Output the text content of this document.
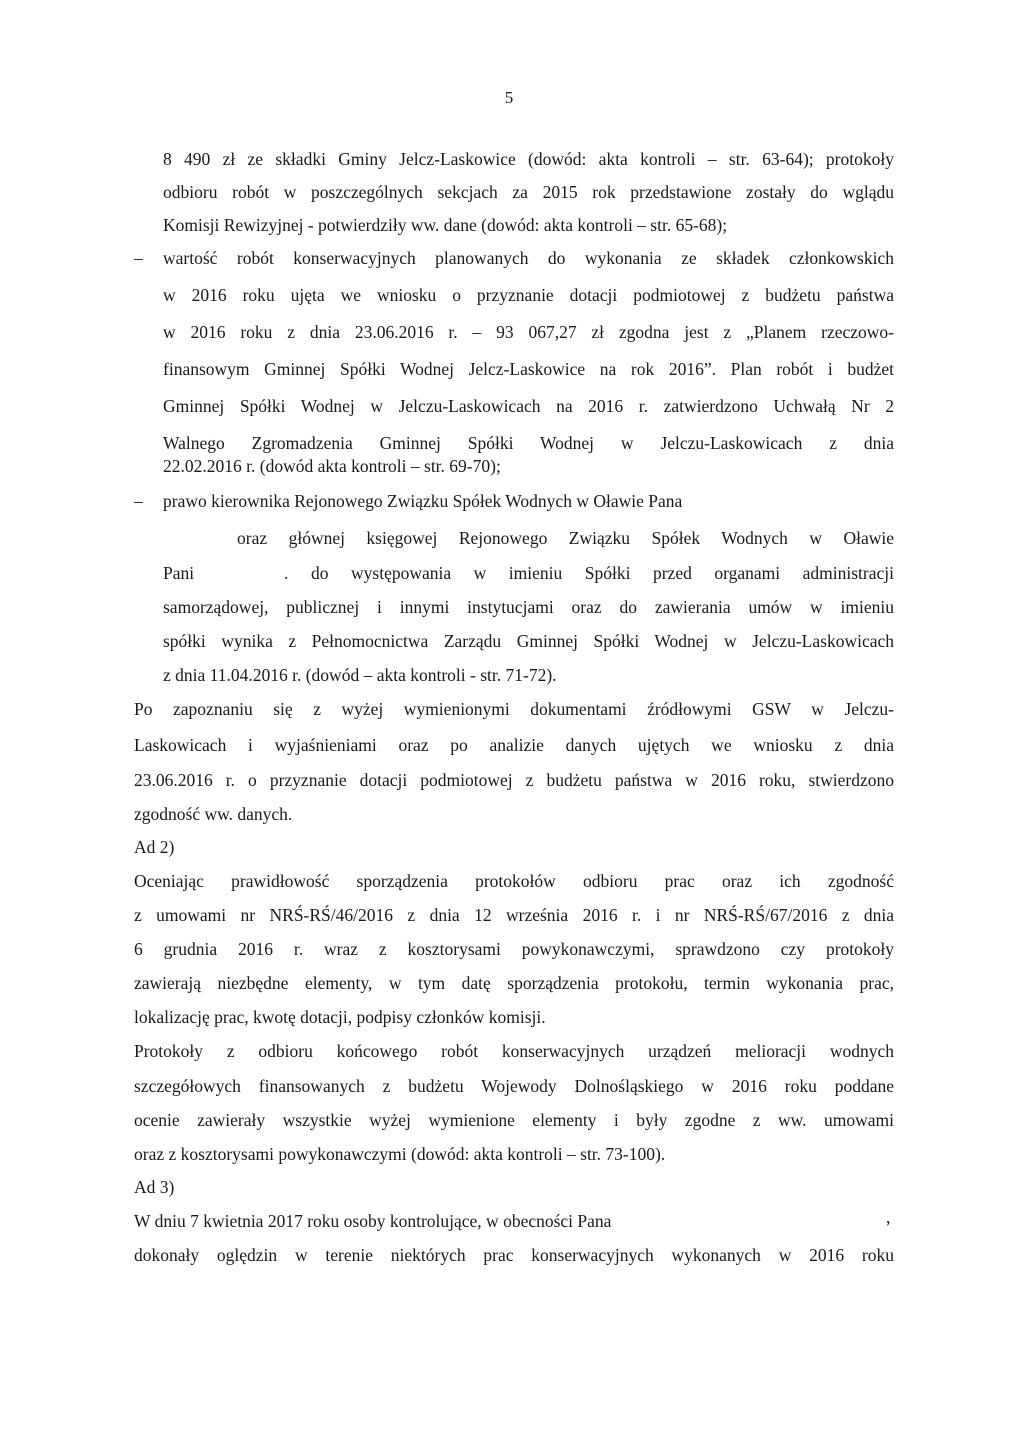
5
8 490 zł ze składki Gminy Jelcz-Laskowice (dowód: akta kontroli – str. 63-64); protokoły
odbioru robót w poszczególnych sekcjach za 2015 rok przedstawione zostały do wglądu
Komisji Rewizyjnej - potwierdziły ww. dane (dowód: akta kontroli – str. 65-68);
– wartość robót konserwacyjnych planowanych do wykonania ze składek członkowskich
w 2016 roku ujęta we wniosku o przyznanie dotacji podmiotowej z budżetu państwa
w 2016 roku z dnia 23.06.2016 r. – 93 067,27 zł zgodna jest z „Planem rzeczowo-
finansowym Gminnej Spółki Wodnej Jelcz-Laskowice na rok 2016”. Plan robót i budżet
Gminnej Spółki Wodnej w Jelczu-Laskowicach na 2016 r. zatwierdzono Uchwałą Nr 2
Walnego Zgromadzenia Gminnej Spółki Wodnej w Jelczu-Laskowicach z dnia
22.02.2016 r. (dowód akta kontroli – str. 69-70);
– prawo kierownika Rejonowego Związku Spółek Wodnych w Oławie Pana
oraz głównej księgowej Rejonowego Związku Spółek Wodnych w Oławie
Pani	. do występowania w imieniu Spółki przed organami administracji
samorządowej, publicznej i innymi instytucjami oraz do zawierania umów w imieniu
spółki wynika z Pełnomocnictwa Zarządu Gminnej Spółki Wodnej w Jelczu-Laskowicach
z dnia 11.04.2016 r. (dowód – akta kontroli - str. 71-72).
Po zapoznaniu się z wyżej wymienionymi dokumentami źródłowymi GSW w Jelczu-
Laskowicach i wyjaśnieniami oraz po analizie danych ujętych we wniosku z dnia
23.06.2016 r. o przyznanie dotacji podmiotowej z budżetu państwa w 2016 roku, stwierdzono
zgodność ww. danych.
Ad 2)
Oceniając prawidłowość sporządzenia protokołów odbioru prac oraz ich zgodność
z umowami nr NRŚ-RŚ/46/2016 z dnia 12 września 2016 r. i nr NRŚ-RŚ/67/2016 z dnia
6 grudnia 2016 r. wraz z kosztorysami powykonawczymi, sprawdzono czy protokoły
zawierają niezbędne elementy, w tym datę sporządzenia protokołu, termin wykonania prac,
lokalizację prac, kwotę dotacji, podpisy członków komisji.
Protokoły z odbioru końcowego robót konserwacyjnych urządzeń melioracji wodnych
szczegółowych finansowanych z budżetu Wojewody Dolnośląskiego w 2016 roku poddane
ocenie zawierały wszystkie wyżej wymienione elementy i były zgodne z ww. umowami
oraz z kosztorysami powykonawczymi (dowód: akta kontroli – str. 73-100).
Ad 3)
W dniu 7 kwietnia 2017 roku osoby kontrolujące, w obecności Pana	,
dokonały oględzin w terenie niektórych prac konserwacyjnych wykonanych w 2016 roku
